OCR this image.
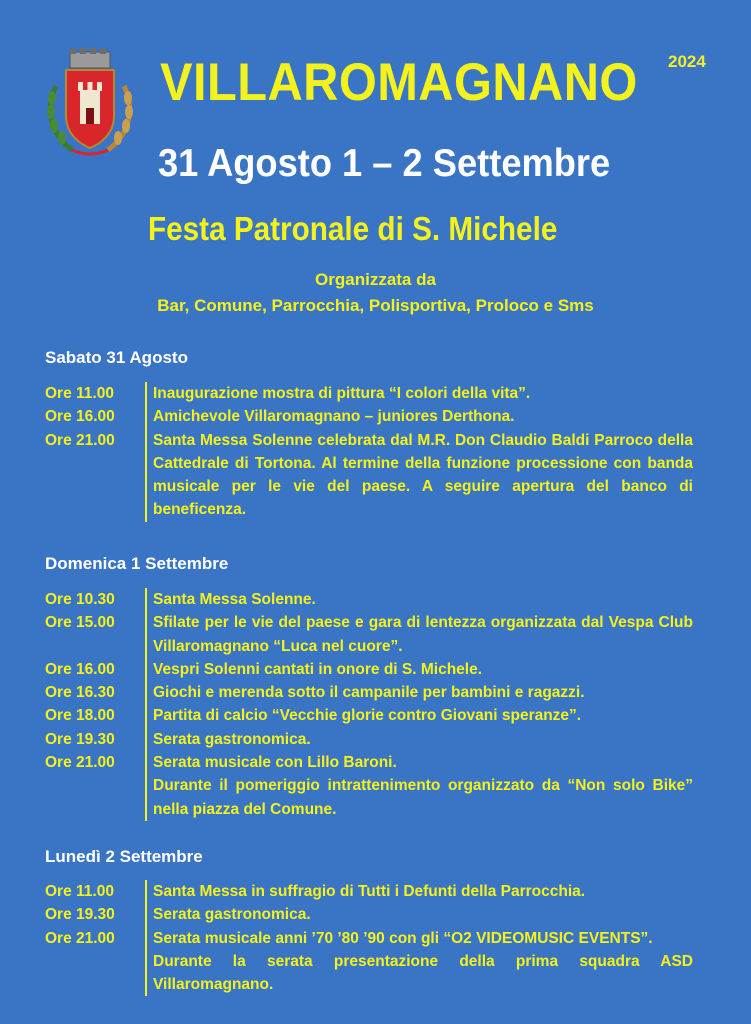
2024
VILLAROMAGNANO
31 Agosto 1 – 2 Settembre
Festa Patronale di S. Michele
Organizzata da
Bar, Comune, Parrocchia, Polisportiva, Proloco e Sms
Sabato 31 Agosto
Ore 11.00	Inaugurazione mostra di pittura “I colori della vita”.
Ore 16.00	Amichevole Villaromagnano – juniores Derthona.
Ore 21.00	Santa Messa Solenne celebrata dal M.R. Don Claudio Baldi Parroco della Cattedrale di Tortona. Al termine della funzione processione con banda musicale per le vie del paese. A seguire apertura del banco di beneficenza.
Domenica 1 Settembre
Ore 10.30	Santa Messa Solenne.
Ore 15.00	Sfilate per le vie del paese e gara di lentezza organizzata dal Vespa Club Villaromagnano “Luca nel cuore”.
Ore 16.00	Vespri Solenni cantati in onore di S. Michele.
Ore 16.30	Giochi e merenda sotto il campanile per bambini e ragazzi.
Ore 18.00	Partita di calcio “Vecchie glorie contro Giovani speranze”.
Ore 19.30	Serata gastronomica.
Ore 21.00	Serata musicale con Lillo Baroni.
Durante il pomeriggio intrattenimento organizzato da “Non solo Bike” nella piazza del Comune.
Lunedì 2 Settembre
Ore 11.00	Santa Messa in suffragio di Tutti i Defunti della Parrocchia.
Ore 19.30	Serata gastronomica.
Ore 21.00	Serata musicale anni ’70 ’80 ’90 con gli “O2 VIDEOMUSIC EVENTS”.
Durante la serata presentazione della prima squadra ASD Villaromagnano.
